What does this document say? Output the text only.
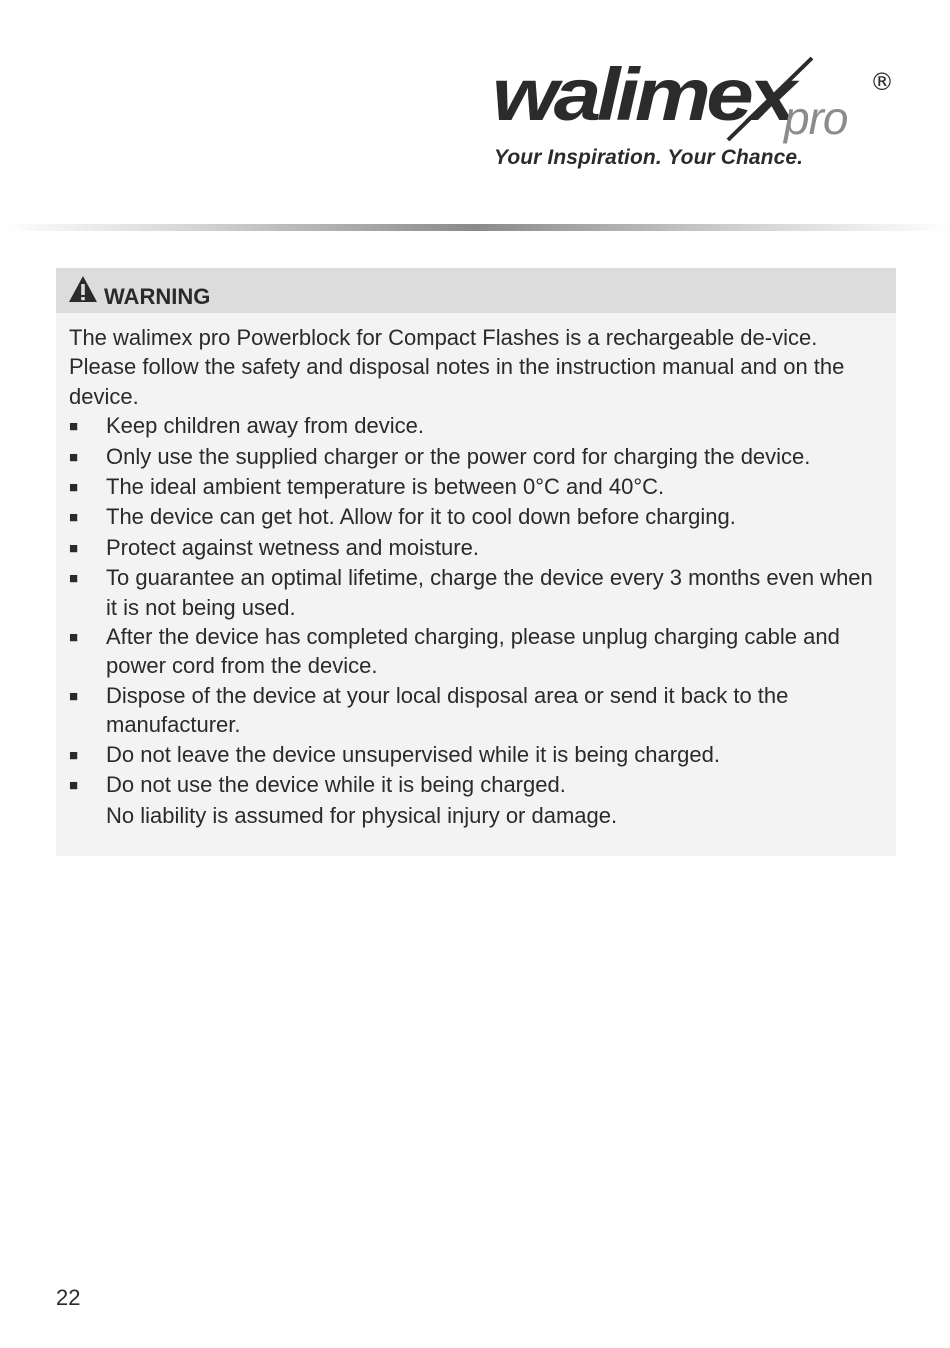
walimex
pro
®
Your Inspiration. Your Chance.
WARNING

The walimex pro Powerblock for Compact Flashes is a rechargeable de-vice. Please follow the safety and disposal notes in the instruction manual and on the device.

■	Keep children away from device.
■	Only use the supplied charger or the power cord for charging the device.
■	The ideal ambient temperature is between 0°C and 40°C.
■	The device can get hot. Allow for it to cool down before charging.
■	Protect against wetness and moisture.
■	To guarantee an optimal lifetime, charge the device every 3 months even when it is not being used.
■	After the device has completed charging, please unplug charging cable and power cord from the device.
■	Dispose of the device at your local disposal area or send it back to the manufacturer.
■	Do not leave the device unsupervised while it is being charged.
■	Do not use the device while it is being charged.
No liability is assumed for physical injury or damage.
22
